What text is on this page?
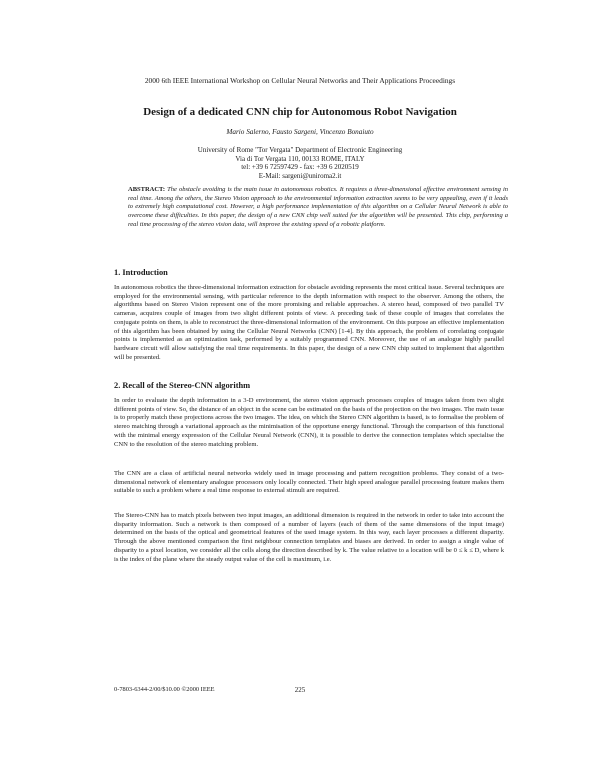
2000 6th IEEE International Workshop on Cellular Neural Networks and Their Applications Proceedings
Design of a dedicated CNN chip for Autonomous Robot Navigation
Mario Salerno, Fausto Sargeni, Vincenzo Bonaiuto
University of Rome "Tor Vergata" Department of Electronic Engineering
Via di Tor Vergata 110, 00133 ROME, ITALY
tel: +39 6 72597429 - fax: +39 6 2020519
E-Mail: sargeni@uniroma2.it
ABSTRACT: The obstacle avoiding is the main issue in autonomous robotics. It requires a three-dimensional effective environment sensing in real time. Among the others, the Stereo Vision approach to the environmental information extraction seems to be very appealing, even if it leads to extremely high computational cost. However, a high performance implementation of this algorithm on a Cellular Neural Network is able to overcome these difficulties. In this paper, the design of a new CNN chip well suited for the algorithm will be presented. This chip, performing a real time processing of the stereo vision data, will improve the existing speed of a robotic platform.
1. Introduction
In autonomous robotics the three-dimensional information extraction for obstacle avoiding represents the most critical issue. Several techniques are employed for the environmental sensing, with particular reference to the depth information with respect to the observer. Among the others, the algorithms based on Stereo Vision represent one of the more promising and reliable approaches. A stereo head, composed of two parallel TV cameras, acquires couple of images from two slight different points of view. A preceding task of these couple of images that correlates the conjugate points on them, is able to reconstruct the three-dimensional information of the environment. On this purpose an effective implementation of this algorithm has been obtained by using the Cellular Neural Networks (CNN) [1-4]. By this approach, the problem of correlating conjugate points is implemented as an optimization task, performed by a suitably programmed CNN. Moreover, the use of an analogue highly parallel hardware circuit will allow satisfying the real time requirements. In this paper, the design of a new CNN chip suited to implement that algorithm will be presented.
2. Recall of the Stereo-CNN algorithm
In order to evaluate the depth information in a 3-D environment, the stereo vision approach processes couples of images taken from two slight different points of view. So, the distance of an object in the scene can be estimated on the basis of the projection on the two images. The main issue is to properly match these projections across the two images. The idea, on which the Stereo CNN algorithm is based, is to formalise the problem of stereo matching through a variational approach as the minimisation of the opportune energy functional. Through the comparison of this functional with the minimal energy expression of the Cellular Neural Network (CNN), it is possible to derive the connection templates which specialise the CNN to the resolution of the stereo matching problem.
The CNN are a class of artificial neural networks widely used in image processing and pattern recognition problems. They consist of a two-dimensional network of elementary analogue processors only locally connected. Their high speed analogue parallel processing feature makes them suitable to such a problem where a real time response to external stimuli are required.
The Stereo-CNN has to match pixels between two input images, an additional dimension is required in the network in order to take into account the disparity information. Such a network is then composed of a number of layers (each of them of the same dimensions of the input image) determined on the basis of the optical and geometrical features of the used image system. In this way, each layer processes a different disparity. Through the above mentioned comparison the first neighbour connection templates and biases are derived. In order to assign a single value of disparity to a pixel location, we consider all the cells along the direction described by k. The value relative to a location will be 0 ≤ k ≤ D, where k is the index of the plane where the steady output value of the cell is maximum, i.e.
0-7803-6344-2/00/$10.00 ©2000 IEEE	225
